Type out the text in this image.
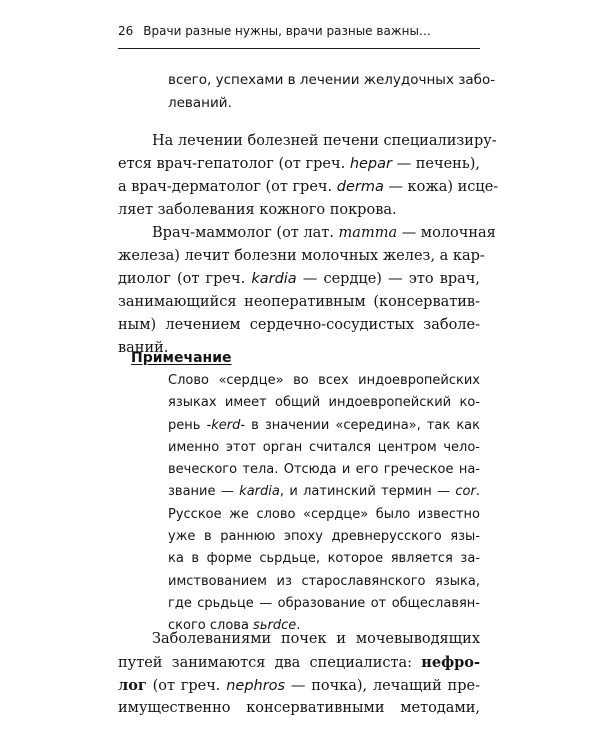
26 Врачи разные нужны, врачи разные важны…
всего, успехами в лечении желудочных забо-
леваний.
На лечении болезней печени специализиру-
ется врач-гепатолог (от греч. hepar — печень),
а врач-дерматолог (от греч. derma — кожа) исце-
ляет заболевания кожного покрова.
Врач-маммолог (от лат. mamma — молочная
железа) лечит болезни молочных желез, а кар-
диолог (от греч. kardia — сердце) — это врач,
занимающийся неоперативным (консерватив-
ным) лечением сердечно-сосудистых заболе-
ваний.
Примечание
Слово «сердце» во всех индоевропейских
языках имеет общий индоевропейский ко-
рень -kerd- в значении «середина», так как
именно этот орган считался центром чело-
веческого тела. Отсюда и его греческое на-
звание — kardia, и латинский термин — cor.
Русское же слово «сердце» было известно
уже в раннюю эпоху древнерусского язы-
ка в форме сьрдьце, которое является за-
имствованием из старославянского языка,
где срьдьце — образование от общеславян-
ского слова sьrdce.
Заболеваниями почек и мочевыводящих
путей занимаются два специалиста: нефро-
лог (от греч. nephros — почка), лечащий пре-
имущественно консервативными методами,
